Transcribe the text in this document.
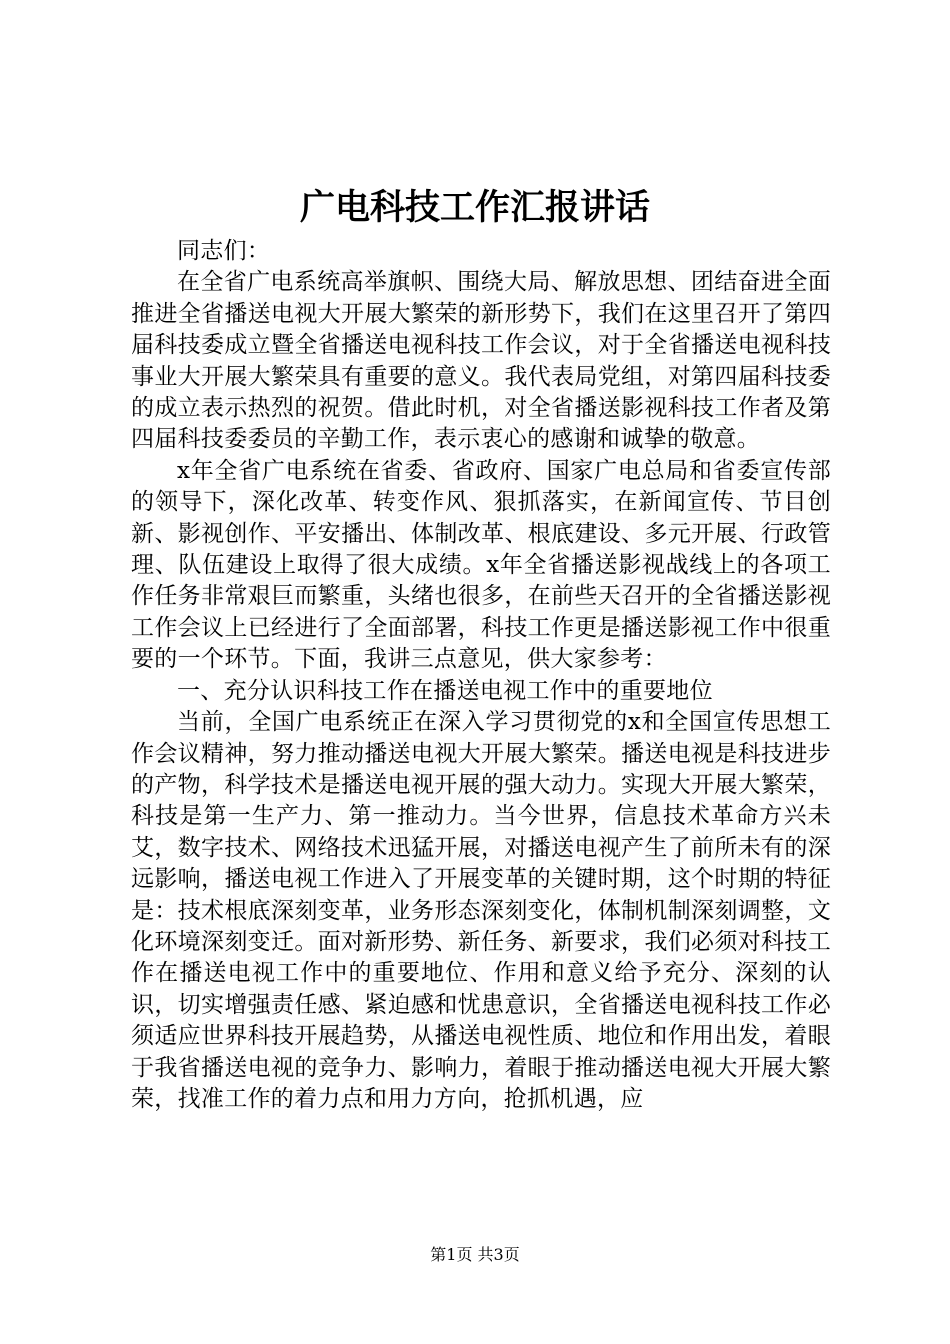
广电科技工作汇报讲话

同志们：

在全省广电系统高举旗帜、围绕大局、解放思想、团结奋进全面推进全省播送电视大开展大繁荣的新形势下，我们在这里召开了第四届科技委成立暨全省播送电视科技工作会议，对于全省播送电视科技事业大开展大繁荣具有重要的意义。我代表局党组，对第四届科技委的成立表示热烈的祝贺。借此时机，对全省播送影视科技工作者及第四届科技委委员的辛勤工作，表示衷心的感谢和诚挚的敬意。

x年全省广电系统在省委、省政府、国家广电总局和省委宣传部的领导下，深化改革、转变作风、狠抓落实，在新闻宣传、节目创新、影视创作、平安播出、体制改革、根底建设、多元开展、行政管理、队伍建设上取得了很大成绩。x年全省播送影视战线上的各项工作任务非常艰巨而繁重，头绪也很多，在前些天召开的全省播送影视工作会议上已经进行了全面部署，科技工作更是播送影视工作中很重要的一个环节。下面，我讲三点意见，供大家参考：

一、充分认识科技工作在播送电视工作中的重要地位

当前，全国广电系统正在深入学习贯彻党的x和全国宣传思想工作会议精神，努力推动播送电视大开展大繁荣。播送电视是科技进步的产物，科学技术是播送电视开展的强大动力。实现大开展大繁荣，科技是第一生产力、第一推动力。当今世界，信息技术革命方兴未艾，数字技术、网络技术迅猛开展，对播送电视产生了前所未有的深远影响，播送电视工作进入了开展变革的关键时期，这个时期的特征是：技术根底深刻变革，业务形态深刻变化，体制机制深刻调整，文化环境深刻变迁。面对新形势、新任务、新要求，我们必须对科技工作在播送电视工作中的重要地位、作用和意义给予充分、深刻的认识，切实增强责任感、紧迫感和忧患意识，全省播送电视科技工作必须适应世界科技开展趋势，从播送电视性质、地位和作用出发，着眼于我省播送电视的竞争力、影响力，着眼于推动播送电视大开展大繁荣，找准工作的着力点和用力方向，抢抓机遇，应

第1页 共3页
